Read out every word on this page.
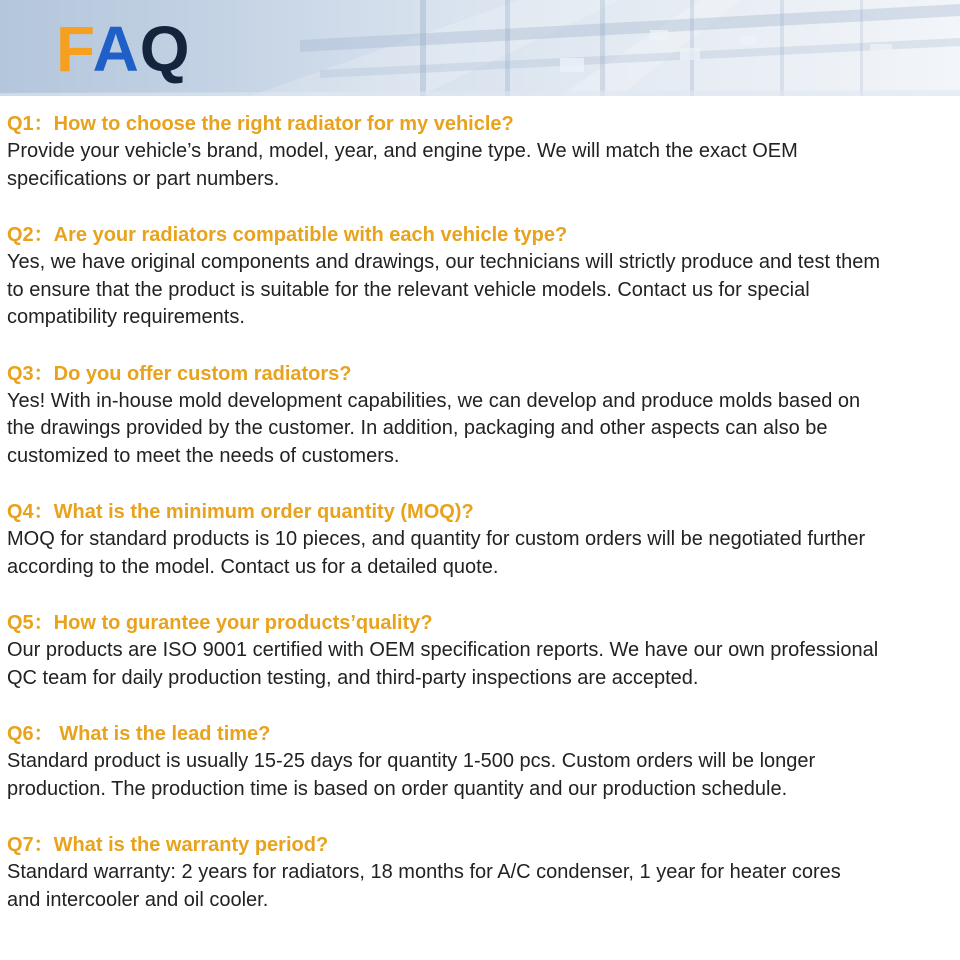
FAQ
Q1：How to choose the right radiator for my vehicle?
Provide your vehicle’s brand, model, year, and engine type. We will match the exact OEM
specifications or part numbers.
Q2：Are your radiators compatible with each vehicle type?
Yes, we have original components and drawings, our technicians will strictly produce and test them
to ensure that the product is suitable for the relevant vehicle models. Contact us for special
compatibility requirements.
Q3：Do you offer custom radiators?
Yes! With in-house mold development capabilities, we can develop and produce molds based on
the drawings provided by the customer. In addition, packaging and other aspects can also be
customized to meet the needs of customers.
Q4：What is the minimum order quantity (MOQ)?
MOQ for standard products is 10 pieces, and quantity for custom orders will be negotiated further
according to the model. Contact us for a detailed quote.
Q5：How to gurantee your products’quality?
Our products are ISO 9001 certified with OEM specification reports. We have our own professional
QC team for daily production testing, and third-party inspections are accepted.
Q6： What is the lead time?
Standard product is usually 15-25 days for quantity 1-500 pcs. Custom orders will be longer
production. The production time is based on order quantity and our production schedule.
Q7：What is the warranty period?
Standard warranty: 2 years for radiators, 18 months for A/C condenser, 1 year for heater cores
and intercooler and oil cooler.
